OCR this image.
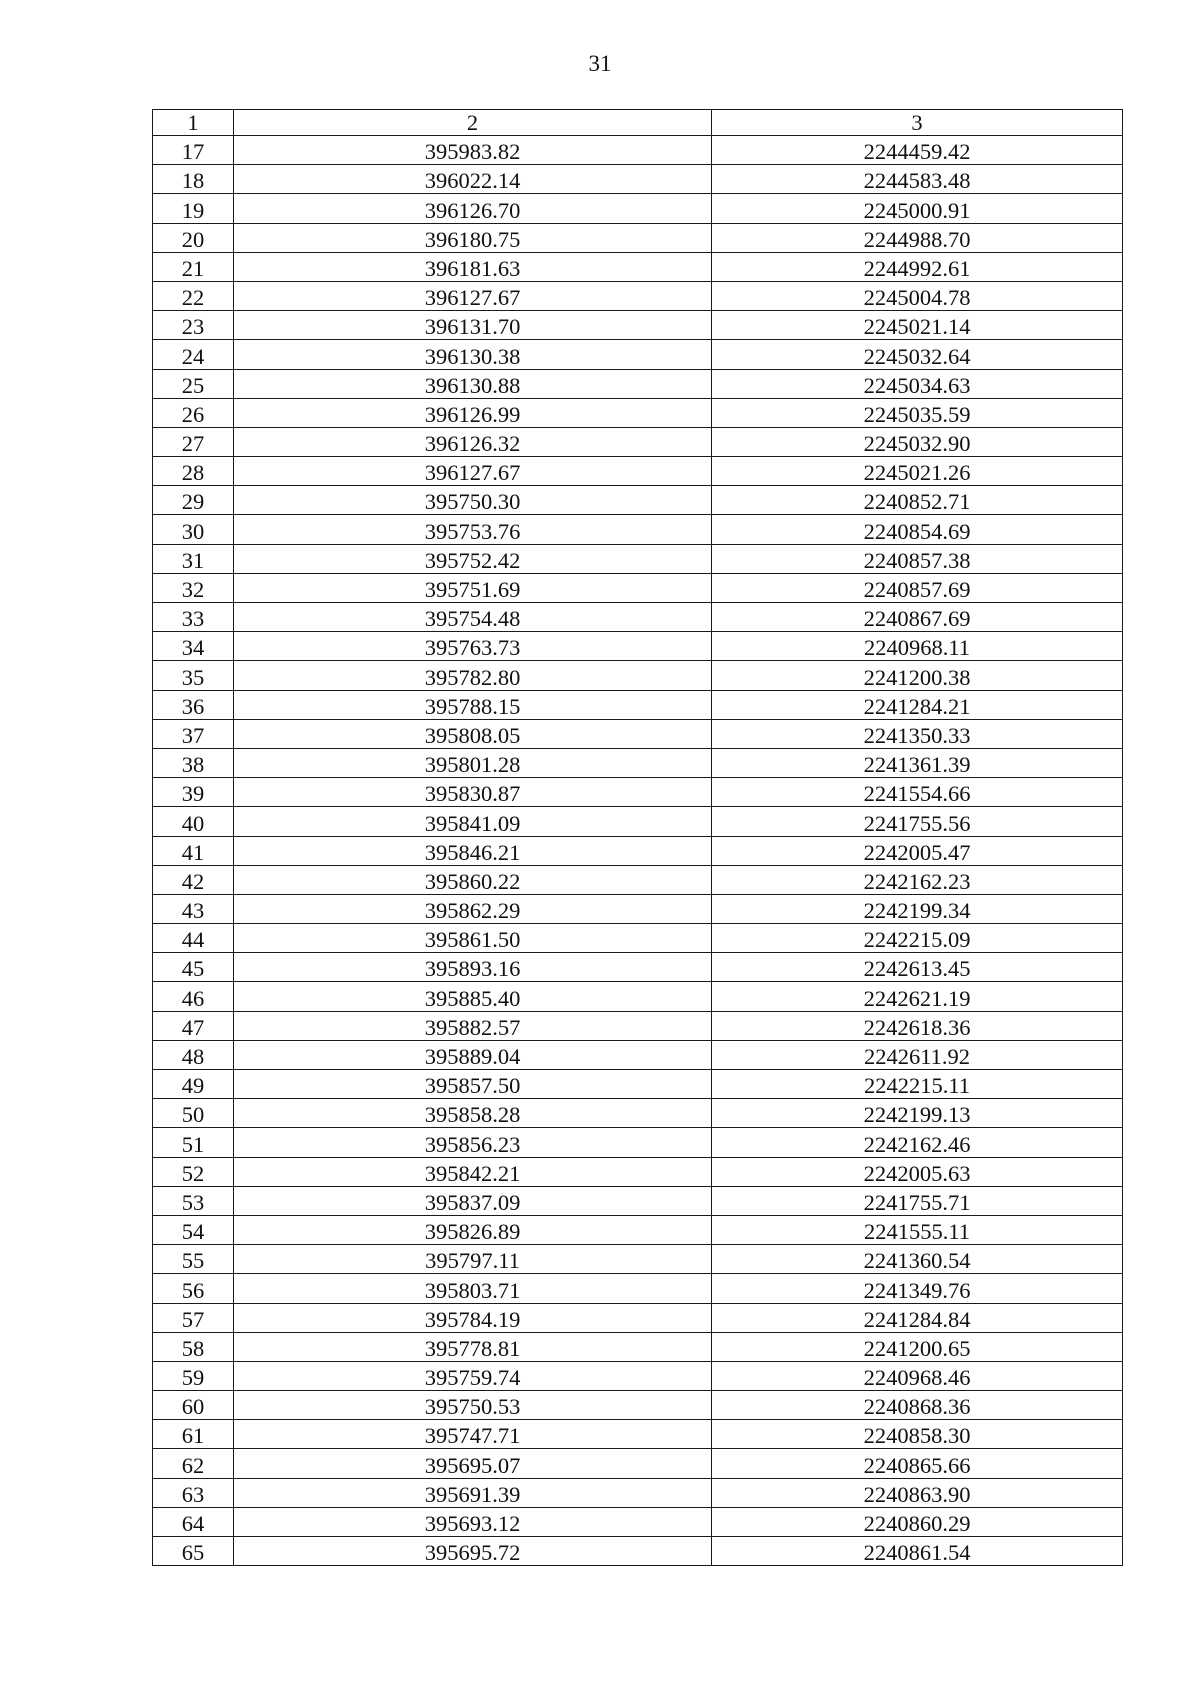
31
1	2	3
17	395983.82	2244459.42
18	396022.14	2244583.48
19	396126.70	2245000.91
20	396180.75	2244988.70
21	396181.63	2244992.61
22	396127.67	2245004.78
23	396131.70	2245021.14
24	396130.38	2245032.64
25	396130.88	2245034.63
26	396126.99	2245035.59
27	396126.32	2245032.90
28	396127.67	2245021.26
29	395750.30	2240852.71
30	395753.76	2240854.69
31	395752.42	2240857.38
32	395751.69	2240857.69
33	395754.48	2240867.69
34	395763.73	2240968.11
35	395782.80	2241200.38
36	395788.15	2241284.21
37	395808.05	2241350.33
38	395801.28	2241361.39
39	395830.87	2241554.66
40	395841.09	2241755.56
41	395846.21	2242005.47
42	395860.22	2242162.23
43	395862.29	2242199.34
44	395861.50	2242215.09
45	395893.16	2242613.45
46	395885.40	2242621.19
47	395882.57	2242618.36
48	395889.04	2242611.92
49	395857.50	2242215.11
50	395858.28	2242199.13
51	395856.23	2242162.46
52	395842.21	2242005.63
53	395837.09	2241755.71
54	395826.89	2241555.11
55	395797.11	2241360.54
56	395803.71	2241349.76
57	395784.19	2241284.84
58	395778.81	2241200.65
59	395759.74	2240968.46
60	395750.53	2240868.36
61	395747.71	2240858.30
62	395695.07	2240865.66
63	395691.39	2240863.90
64	395693.12	2240860.29
65	395695.72	2240861.54
